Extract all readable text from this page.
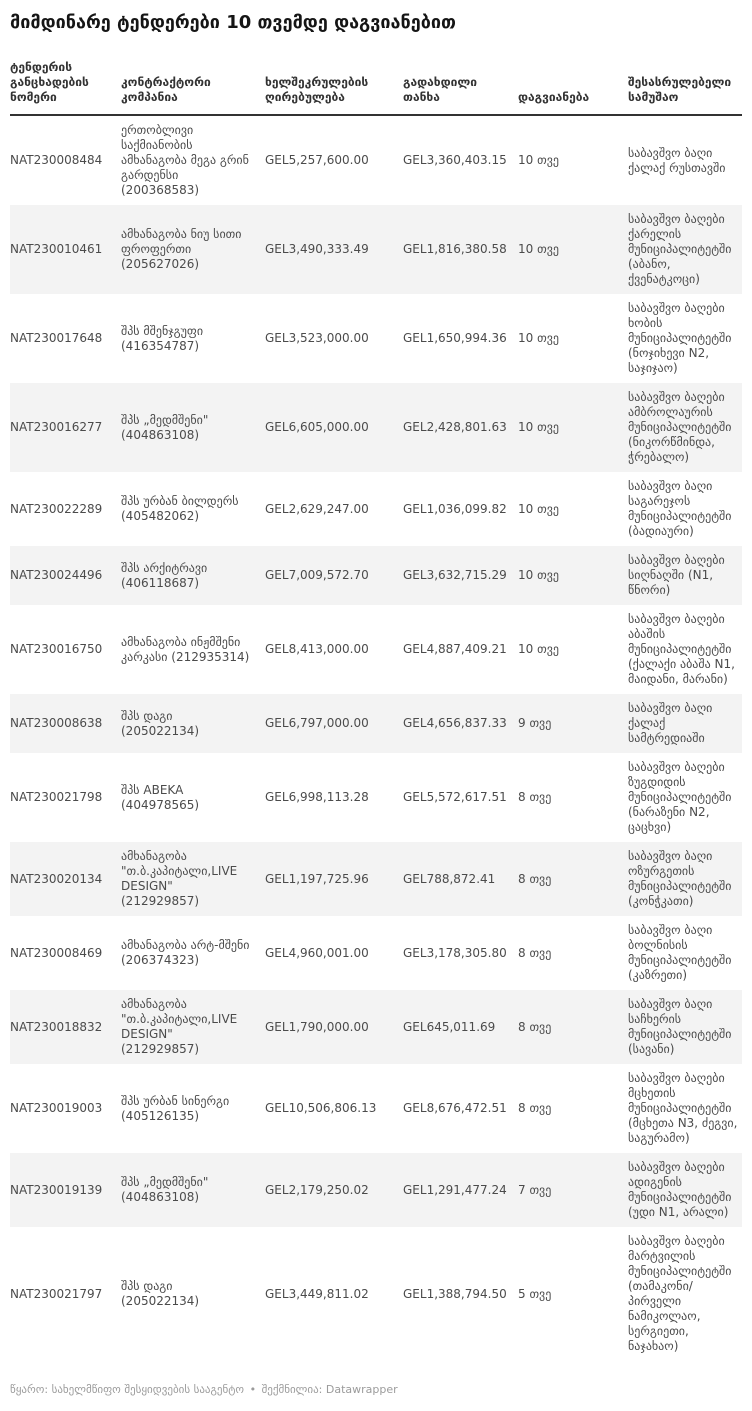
მიმდინარე ტენდერები 10 თვემდე დაგვიანებით
ტენდერის განცხადების ნომერი	კონტრაქტორი კომპანია	ხელშეკრულების ღირებულება	გადახდილი თანხა	დაგვიანება	შესასრულებელი სამუშაო
NAT230008484	ერთობლივი საქმიანობის ამხანაგობა მეგა გრინ გარდენსი (200368583)	GEL5,257,600.00	GEL3,360,403.15	10 თვე	საბავშვო ბაღი ქალაქ რუსთავში
NAT230010461	ამხანაგობა ნიუ სითი ფროფერთი (205627026)	GEL3,490,333.49	GEL1,816,380.58	10 თვე	საბავშვო ბაღები ქარელის მუნიციპალიტეტში (აბანო, ქვენატკოცი)
NAT230017648	შპს მშენჯგუფი (416354787)	GEL3,523,000.00	GEL1,650,994.36	10 თვე	საბავშვო ბაღები ხობის მუნიციპალიტეტში (ნოჯიხევი N2, საჯიჯაო)
NAT230016277	შპს „მედმშენი" (404863108)	GEL6,605,000.00	GEL2,428,801.63	10 თვე	საბავშვო ბაღები ამბროლაურის მუნიციპალიტეტში (ნიკორწმინდა, ჭრებალო)
NAT230022289	შპს ურბან ბილდერს (405482062)	GEL2,629,247.00	GEL1,036,099.82	10 თვე	საბავშვო ბაღი საგარეჯოს მუნიციპალიტეტში (ბადიაური)
NAT230024496	შპს არქიტრავი (406118687)	GEL7,009,572.70	GEL3,632,715.29	10 თვე	საბავშვო ბაღები სიღნაღში (N1, წნორი)
NAT230016750	ამხანაგობა ინჟმშენი კარკასი (212935314)	GEL8,413,000.00	GEL4,887,409.21	10 თვე	საბავშვო ბაღები აბაშის მუნიციპალიტეტში (ქალაქი აბაშა N1, მაიდანი, მარანი)
NAT230008638	შპს დაგი (205022134)	GEL6,797,000.00	GEL4,656,837.33	9 თვე	საბავშვო ბაღი ქალაქ სამტრედიაში
NAT230021798	შპს ABEKA (404978565)	GEL6,998,113.28	GEL5,572,617.51	8 თვე	საბავშვო ბაღები ზუგდიდის მუნიციპალიტეტში (ნარაზენი N2, ცაცხვი)
NAT230020134	ამხანაგობა "თ.ბ.კაპიტალი,LIVE DESIGN" (212929857)	GEL1,197,725.96	GEL788,872.41	8 თვე	საბავშვო ბაღი ოზურგეთის მუნიციპალიტეტში (კონჭკათი)
NAT230008469	ამხანაგობა არტ-მშენი (206374323)	GEL4,960,001.00	GEL3,178,305.80	8 თვე	საბავშვო ბაღი ბოლნისის მუნიციპალიტეტში (კაზრეთი)
NAT230018832	ამხანაგობა "თ.ბ.კაპიტალი,LIVE DESIGN" (212929857)	GEL1,790,000.00	GEL645,011.69	8 თვე	საბავშვო ბაღი საჩხერის მუნიციპალიტეტში (სავანი)
NAT230019003	შპს ურბან სინერგი (405126135)	GEL10,506,806.13	GEL8,676,472.51	8 თვე	საბავშვო ბაღები მცხეთის მუნიციპალიტეტში (მცხეთა N3, ძეგვი, საგურამო)
NAT230019139	შპს „მედმშენი" (404863108)	GEL2,179,250.02	GEL1,291,477.24	7 თვე	საბავშვო ბაღები ადიგენის მუნიციპალიტეტში (უდი N1, არალი)
NAT230021797	შპს დაგი (205022134)	GEL3,449,811.02	GEL1,388,794.50	5 თვე	საბავშვო ბაღები მარტვილის მუნიციპალიტეტში (თამაკონი/პირველი ნამიკოლაო, სერგიეთი, ნაჯახაო)
წყარო: სახელმწიფო შესყიდვების სააგენტო • შექმნილია: Datawrapper
